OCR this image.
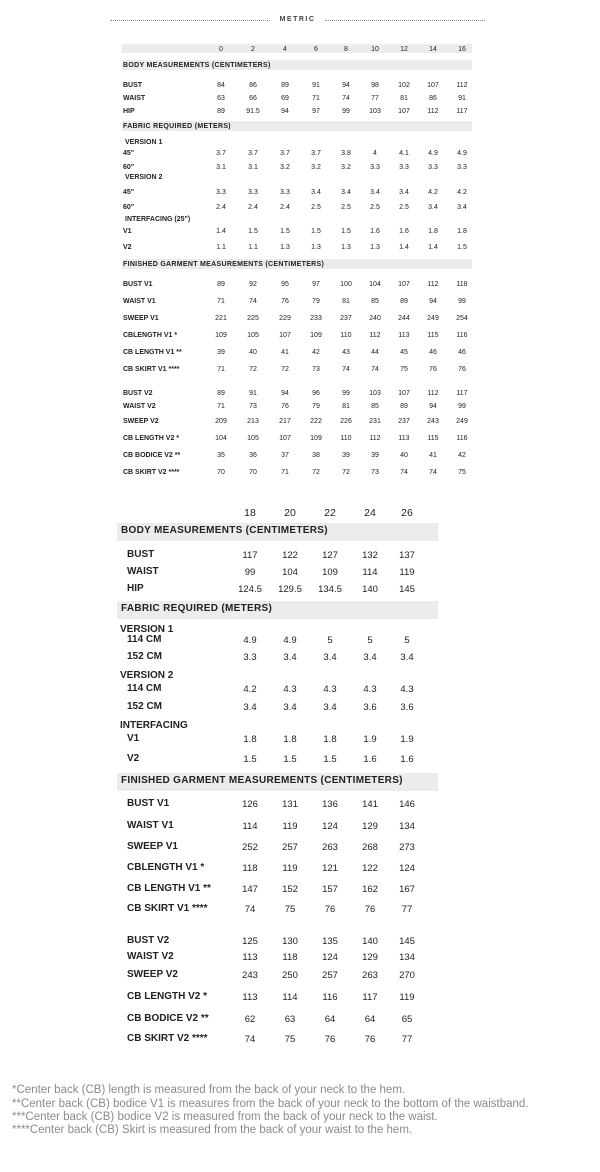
METRIC
0	2	4	6	8	10	12	14	16
BODY MEASUREMENTS (CENTIMETERS)
BUST	84	86	89	91	94	98	102	107	112
WAIST	63	66	69	71	74	77	81	86	91
HIP	89	91.5	94	97	99	103	107	112	117
FABRIC REQUIRED (METERS)
VERSION 1
45"	3.7	3.7	3.7	3.7	3.8	4	4.1	4.9	4.9
60"	3.1	3.1	3.2	3.2	3.2	3.3	3.3	3.3	3.3
VERSION 2
45"	3.3	3.3	3.3	3.4	3.4	3.4	3.4	4.2	4.2
60"	2.4	2.4	2.4	2.5	2.5	2.5	2.5	3.4	3.4
INTERFACING (25")
V1	1.4	1.5	1.5	1.5	1.5	1.6	1.6	1.8	1.8
V2	1.1	1.1	1.3	1.3	1.3	1.3	1.4	1.4	1.5
FINISHED GARMENT MEASUREMENTS (CENTIMETERS)
BUST V1	89	92	95	97	100	104	107	112	118
WAIST V1	71	74	76	79	81	85	89	94	99
SWEEP V1	221	225	229	233	237	240	244	249	254
CBLENGTH V1 *	109	105	107	109	110	112	113	115	116
CB LENGTH V1 **	39	40	41	42	43	44	45	46	46
CB SKIRT V1 ****	71	72	72	73	74	74	75	76	76
BUST V2	89	91	94	96	99	103	107	112	117
WAIST V2	71	73	76	79	81	85	89	94	99
SWEEP V2	209	213	217	222	226	231	237	243	249
CB LENGTH V2 *	104	105	107	109	110	112	113	115	116
CB BODICE V2 **	35	36	37	38	39	39	40	41	42
CB SKIRT V2 ****	70	70	71	72	72	73	74	74	75
18	20	22	24	26
BODY MEASUREMENTS (CENTIMETERS)
BUST	117	122	127	132	137
WAIST	99	104	109	114	119
HIP	124.5	129.5	134.5	140	145
FABRIC REQUIRED (METERS)
VERSION 1
114 CM	4.9	4.9	5	5	5
152 CM	3.3	3.4	3.4	3.4	3.4
VERSION 2
114 CM	4.2	4.3	4.3	4.3	4.3
152 CM	3.4	3.4	3.4	3.6	3.6
INTERFACING
V1	1.8	1.8	1.8	1.9	1.9
V2	1.5	1.5	1.5	1.6	1.6
FINISHED GARMENT MEASUREMENTS (CENTIMETERS)
BUST V1	126	131	136	141	146
WAIST V1	114	119	124	129	134
SWEEP V1	252	257	263	268	273
CBLENGTH V1 *	118	119	121	122	124
CB LENGTH V1 **	147	152	157	162	167
CB SKIRT V1 ****	74	75	76	76	77
BUST V2	125	130	135	140	145
WAIST V2	113	118	124	129	134
SWEEP V2	243	250	257	263	270
CB LENGTH V2 *	113	114	116	117	119
CB BODICE V2 **	62	63	64	64	65
CB SKIRT V2 ****	74	75	76	76	77
*Center back (CB) length is measured from the back of your neck to the hem.
**Center back (CB) bodice V1 is measures from the back of your neck to the bottom of the waistband.
***Center back (CB) bodice V2 is measured from the back of your neck to the waist.
****Center back (CB) Skirt is measured from the back of your waist to the hem.
